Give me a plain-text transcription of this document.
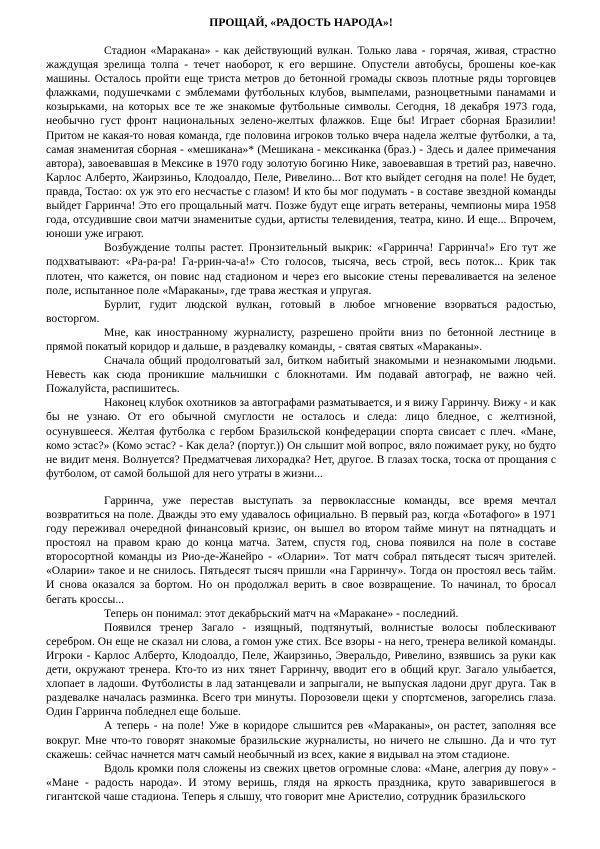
ПРОЩАЙ, «РАДОСТЬ НАРОДА»!

Стадион «Маракана» - как действующий вулкан. Только лава - горячая, живая, страстно жаждущая зрелища толпа - течет наоборот, к его вершине. Опустели автобусы, брошены кое-как машины. Осталось пройти еще триста метров до бетонной громады сквозь плотные ряды торговцев флажками, подушечками с эмблемами футбольных клубов, вымпелами, разноцветными панамами и козырьками, на которых все те же знакомые футбольные символы. Сегодня, 18 декабря 1973 года, необычно густ фронт национальных зелено-желтых флажков. Еще бы! Играет сборная Бразилии! Притом не какая-то новая команда, где половина игроков только вчера надела желтые футболки, а та, самая знаменитая сборная - «мешиканa»* (Мешикана - мексиканка (браз.) - Здесь и далее примечания автора), завоевавшая в Мексике в 1970 году золотую богиню Нике, завоевавшая в третий раз, навечно. Карлос Алберто, Жаирзиньо, Клодоалдо, Пеле, Ривелино... Вот кто выйдет сегодня на поле! Не будет, правда, Тостао: ох уж это его несчастье с глазом! И кто бы мог подумать - в составе звездной команды выйдет Гарринча! Это его прощальный матч. Позже будут еще играть ветераны, чемпионы мира 1958 года, отсудившие свои матчи знаменитые судьи, артисты телевидения, театра, кино. И еще... Впрочем, юноши уже играют.

Возбуждение толпы растет. Пронзительный выкрик: «Гарринча! Гарринча!» Его тут же подхватывают: «Ра-ра-ра! Га-ррин-ча-а!» Сто голосов, тысяча, весь строй, весь поток... Крик так плотен, что кажется, он повис над стадионом и через его высокие стены переваливается на зеленое поле, испытанное поле «Мараканы», где трава жесткая и упругая.

Бурлит, гудит людской вулкан, готовый в любое мгновение взорваться радостью, восторгом.

Мне, как иностранному журналисту, разрешено пройти вниз по бетонной лестнице в прямой покатый коридор и дальше, в раздевалку команды, - святая святых «Мараканы».

Сначала общий продолговатый зал, битком набитый знакомыми и незнакомыми людьми. Невесть как сюда проникшие мальчишки с блокнотами. Им подавай автограф, не важно чей. Пожалуйста, распишитесь.

Наконец клубок охотников за автографами разматывается, и я вижу Гарринчу. Вижу - и как бы не узнаю. От его обычной смуглости не осталось и следа: лицо бледное, с желтизной, осунувшееся. Желтая футболка с гербом Бразильской конфедерации спорта свисает с плеч. «Мане, комо эстас?» (Комо эстас? - Как дела? (португ.)) Он слышит мой вопрос, вяло пожимает руку, но будто не видит меня. Волнуется? Предматчевая лихорадка? Нет, другое. В глазах тоска, тоска от прощания с футболом, от самой большой для него утраты в жизни...

Гарринча, уже перестав выступать за первоклассные команды, все время мечтал возвратиться на поле. Дважды это ему удавалось официально. В первый раз, когда «Ботафого» в 1971 году переживал очередной финансовый кризис, он вышел во втором тайме минут на пятнадцать и простоял на правом краю до конца матча. Затем, спустя год, снова появился на поле в составе второсортной команды из Рио-де-Жанейро - «Оларии». Тот матч собрал пятьдесят тысяч зрителей. «Оларии» такое и не снилось. Пятьдесят тысяч пришли «на Гарринчу». Тогда он простоял весь тайм. И снова оказался за бортом. Но он продолжал верить в свое возвращение. То начинал, то бросал бегать кроссы...

Теперь он понимал: этот декабрьский матч на «Маракане» - последний.

Появился тренер Загало - изящный, подтянутый, волнистые волосы поблескивают серебром. Он еще не сказал ни слова, а гомон уже стих. Все взоры - на него, тренера великой команды. Игроки - Карлос Алберто, Клодоалдо, Пеле, Жаирзиньо, Эверальдо, Ривелино, взявшись за руки как дети, окружают тренера. Кто-то из них тянет Гарринчу, вводит его в общий круг. Загало улыбается, хлопает в ладоши. Футболисты в лад затанцевали и запрыгали, не выпуская ладони друг друга. Так в раздевалке началась разминка. Всего три минуты. Порозовели щеки у спортсменов, загорелись глаза. Один Гарринча побледнел еще больше.

А теперь - на поле! Уже в коридоре слышится рев «Мараканы», он растет, заполняя все вокруг. Мне что-то говорят знакомые бразильские журналисты, но ничего не слышно. Да и что тут скажешь: сейчас начнется матч самый необычный из всех, какие я видывал на этом стадионе.

Вдоль кромки поля сложены из свежих цветов огромные слова: «Мане, алегрия ду пову» - «Мане - радость народа». И этому веришь, глядя на яркость праздника, круто заварившегося в гигантской чаше стадиона. Теперь я слышу, что говорит мне Аристелио, сотрудник бразильского
